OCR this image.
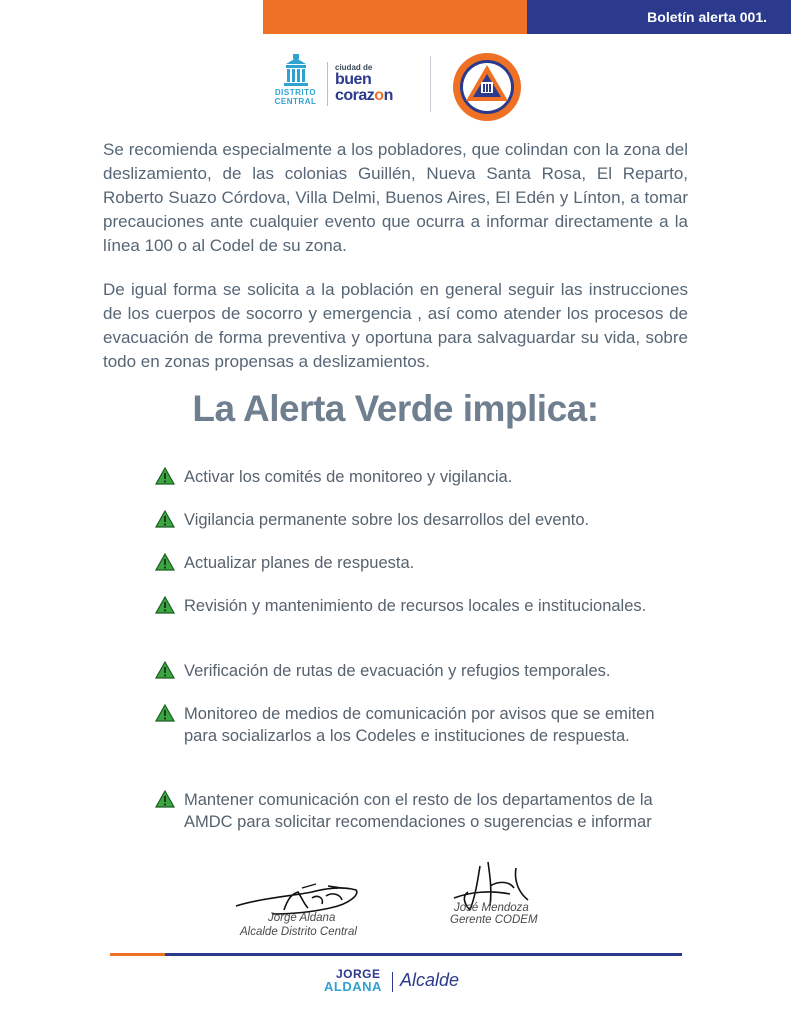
Boletín alerta 001.
DISTRITO CENTRAL
ciudad de
buen
corazon
Se recomienda especialmente a los pobladores, que colindan con la zona del deslizamiento, de las colonias Guillén, Nueva Santa Rosa, El Reparto, Roberto Suazo Córdova, Villa Delmi, Buenos Aires, El Edén y Línton, a tomar precauciones ante cualquier evento que ocurra a informar directamente a la línea 100 o al Codel de su zona.
De igual forma se solicita a la población en general seguir las instrucciones de los cuerpos de socorro y emergencia , así como atender los procesos de evacuación de forma preventiva y oportuna para salvaguardar su vida, sobre todo en zonas propensas a deslizamientos.
La Alerta Verde implica:
Activar los comités de monitoreo y vigilancia.
Vigilancia permanente sobre los desarrollos del evento.
Actualizar planes de respuesta.
Revisión y mantenimiento de recursos locales e institucionales.
Verificación de rutas de evacuación y refugios temporales.
Monitoreo de medios de comunicación por avisos que se emiten para socializarlos a los Codeles e instituciones de respuesta.
Mantener comunicación con el resto de los departamentos de la AMDC para solicitar recomendaciones o sugerencias e informar
Jorge Aldana
Alcalde Distrito Central
José Mendoza
Gerente CODEM
JORGE
ALDANA Alcalde
